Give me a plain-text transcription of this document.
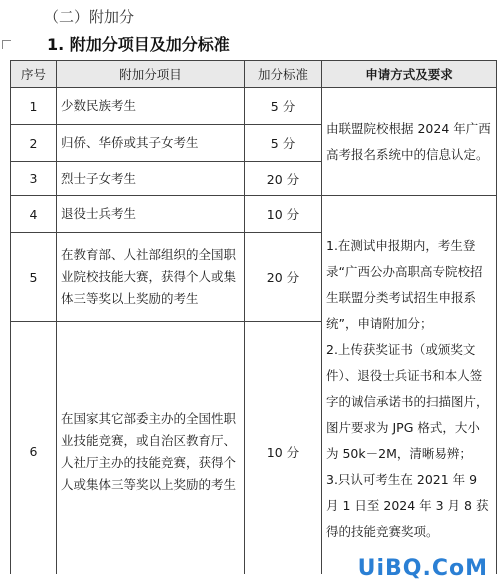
（二）附加分
1. 附加分项目及加分标准
序号	附加分项目	加分标准	申请方式及要求
1	少数民族考生	5 分	由联盟院校根据 2024 年广西高考报名系统中的信息认定。
2	归侨、华侨或其子女考生	5 分	
3	烈士子女考生	20 分	
4	退役士兵考生	10 分	1.在测试申报期内，考生登录“广西公办高职高专院校招生联盟分类考试招生申报系统”，申请附加分；
2.上传获奖证书（或颁奖文件）、退役士兵证书和本人签字的诚信承诺书的扫描图片，图片要求为 JPG 格式，大小为 50k－2M，清晰易辨；
3.只认可考生在 2021 年 9 月 1 日至 2024 年 3 月 8 获得的技能竞赛奖项。

5	在教育部、人社部组织的全国职业院校技能大赛，获得个人或集体三等奖以上奖励的考生	20 分	
6	在国家其它部委主办的全国性职业技能竞赛，或自治区教育厅、人社厅主办的技能竞赛，获得个人或集体三等奖以上奖励的考生	10 分	
UiBQ.CoM
